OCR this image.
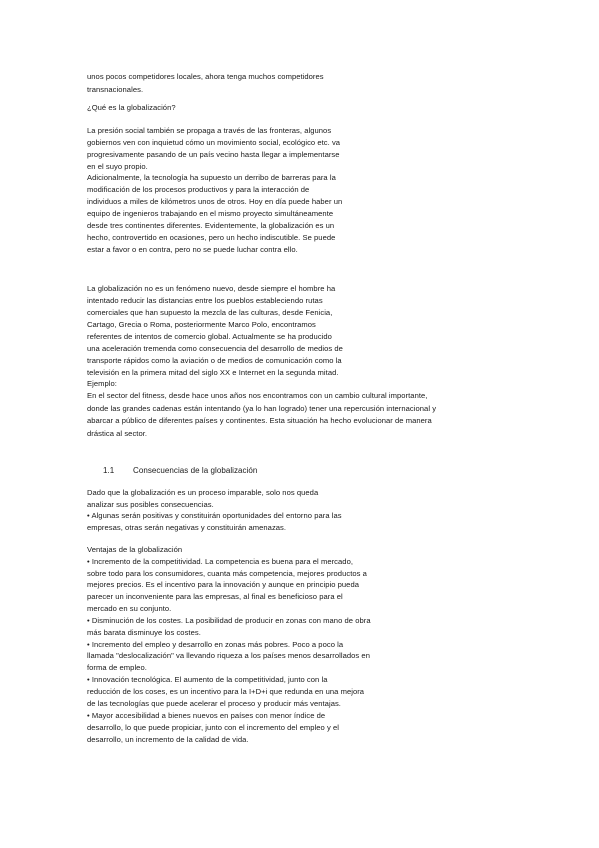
unos pocos competidores locales, ahora tenga muchos competidores
transnacionales.
¿Qué es la globalización?
La presión social también se propaga a través de las fronteras, algunos
gobiernos ven con inquietud cómo un movimiento social, ecológico etc. va
progresivamente pasando de un país vecino hasta llegar a implementarse
en el suyo propio.
Adicionalmente, la tecnología ha supuesto un derribo de barreras para la
modificación de los procesos productivos y para la interacción de
individuos a miles de kilómetros unos de otros. Hoy en día puede haber un
equipo de ingenieros trabajando en el mismo proyecto simultáneamente
desde tres continentes diferentes. Evidentemente, la globalización es un
hecho, controvertido en ocasiones, pero un hecho indiscutible. Se puede
estar a favor o en contra, pero no se puede luchar contra ello.
La globalización no es un fenómeno nuevo, desde siempre el hombre ha
intentado reducir las distancias entre los pueblos estableciendo rutas
comerciales que han supuesto la mezcla de las culturas, desde Fenicia,
Cartago, Grecia o Roma, posteriormente Marco Polo, encontramos
referentes de intentos de comercio global. Actualmente se ha producido
una aceleración tremenda como consecuencia del desarrollo de medios de
transporte rápidos como la aviación o de medios de comunicación como la
televisión en la primera mitad del siglo XX e Internet en la segunda mitad.
Ejemplo:
En el sector del fitness, desde hace unos años nos encontramos con un cambio cultural importante,
donde las grandes cadenas están intentando (ya lo han logrado) tener una repercusión internacional y
abarcar a público de diferentes países y continentes. Esta situación ha hecho evolucionar de manera
drástica al sector.
1.1 Consecuencias de la globalización
Dado que la globalización es un proceso imparable, solo nos queda
analizar sus posibles consecuencias.
• Algunas serán positivas y constituirán oportunidades del entorno para las
empresas, otras serán negativas y constituirán amenazas.
Ventajas de la globalización
• Incremento de la competitividad. La competencia es buena para el mercado,
sobre todo para los consumidores, cuanta más competencia, mejores productos a
mejores precios. Es el incentivo para la innovación y aunque en principio pueda
parecer un inconveniente para las empresas, al final es beneficioso para el
mercado en su conjunto.
• Disminución de los costes. La posibilidad de producir en zonas con mano de obra
más barata disminuye los costes.
• Incremento del empleo y desarrollo en zonas más pobres. Poco a poco la
llamada "deslocalización" va llevando riqueza a los países menos desarrollados en
forma de empleo.
• Innovación tecnológica. El aumento de la competitividad, junto con la
reducción de los coses, es un incentivo para la I+D+i que redunda en una mejora
de las tecnologías que puede acelerar el proceso y producir más ventajas.
• Mayor accesibilidad a bienes nuevos en países con menor índice de
desarrollo, lo que puede propiciar, junto con el incremento del empleo y el
desarrollo, un incremento de la calidad de vida.
